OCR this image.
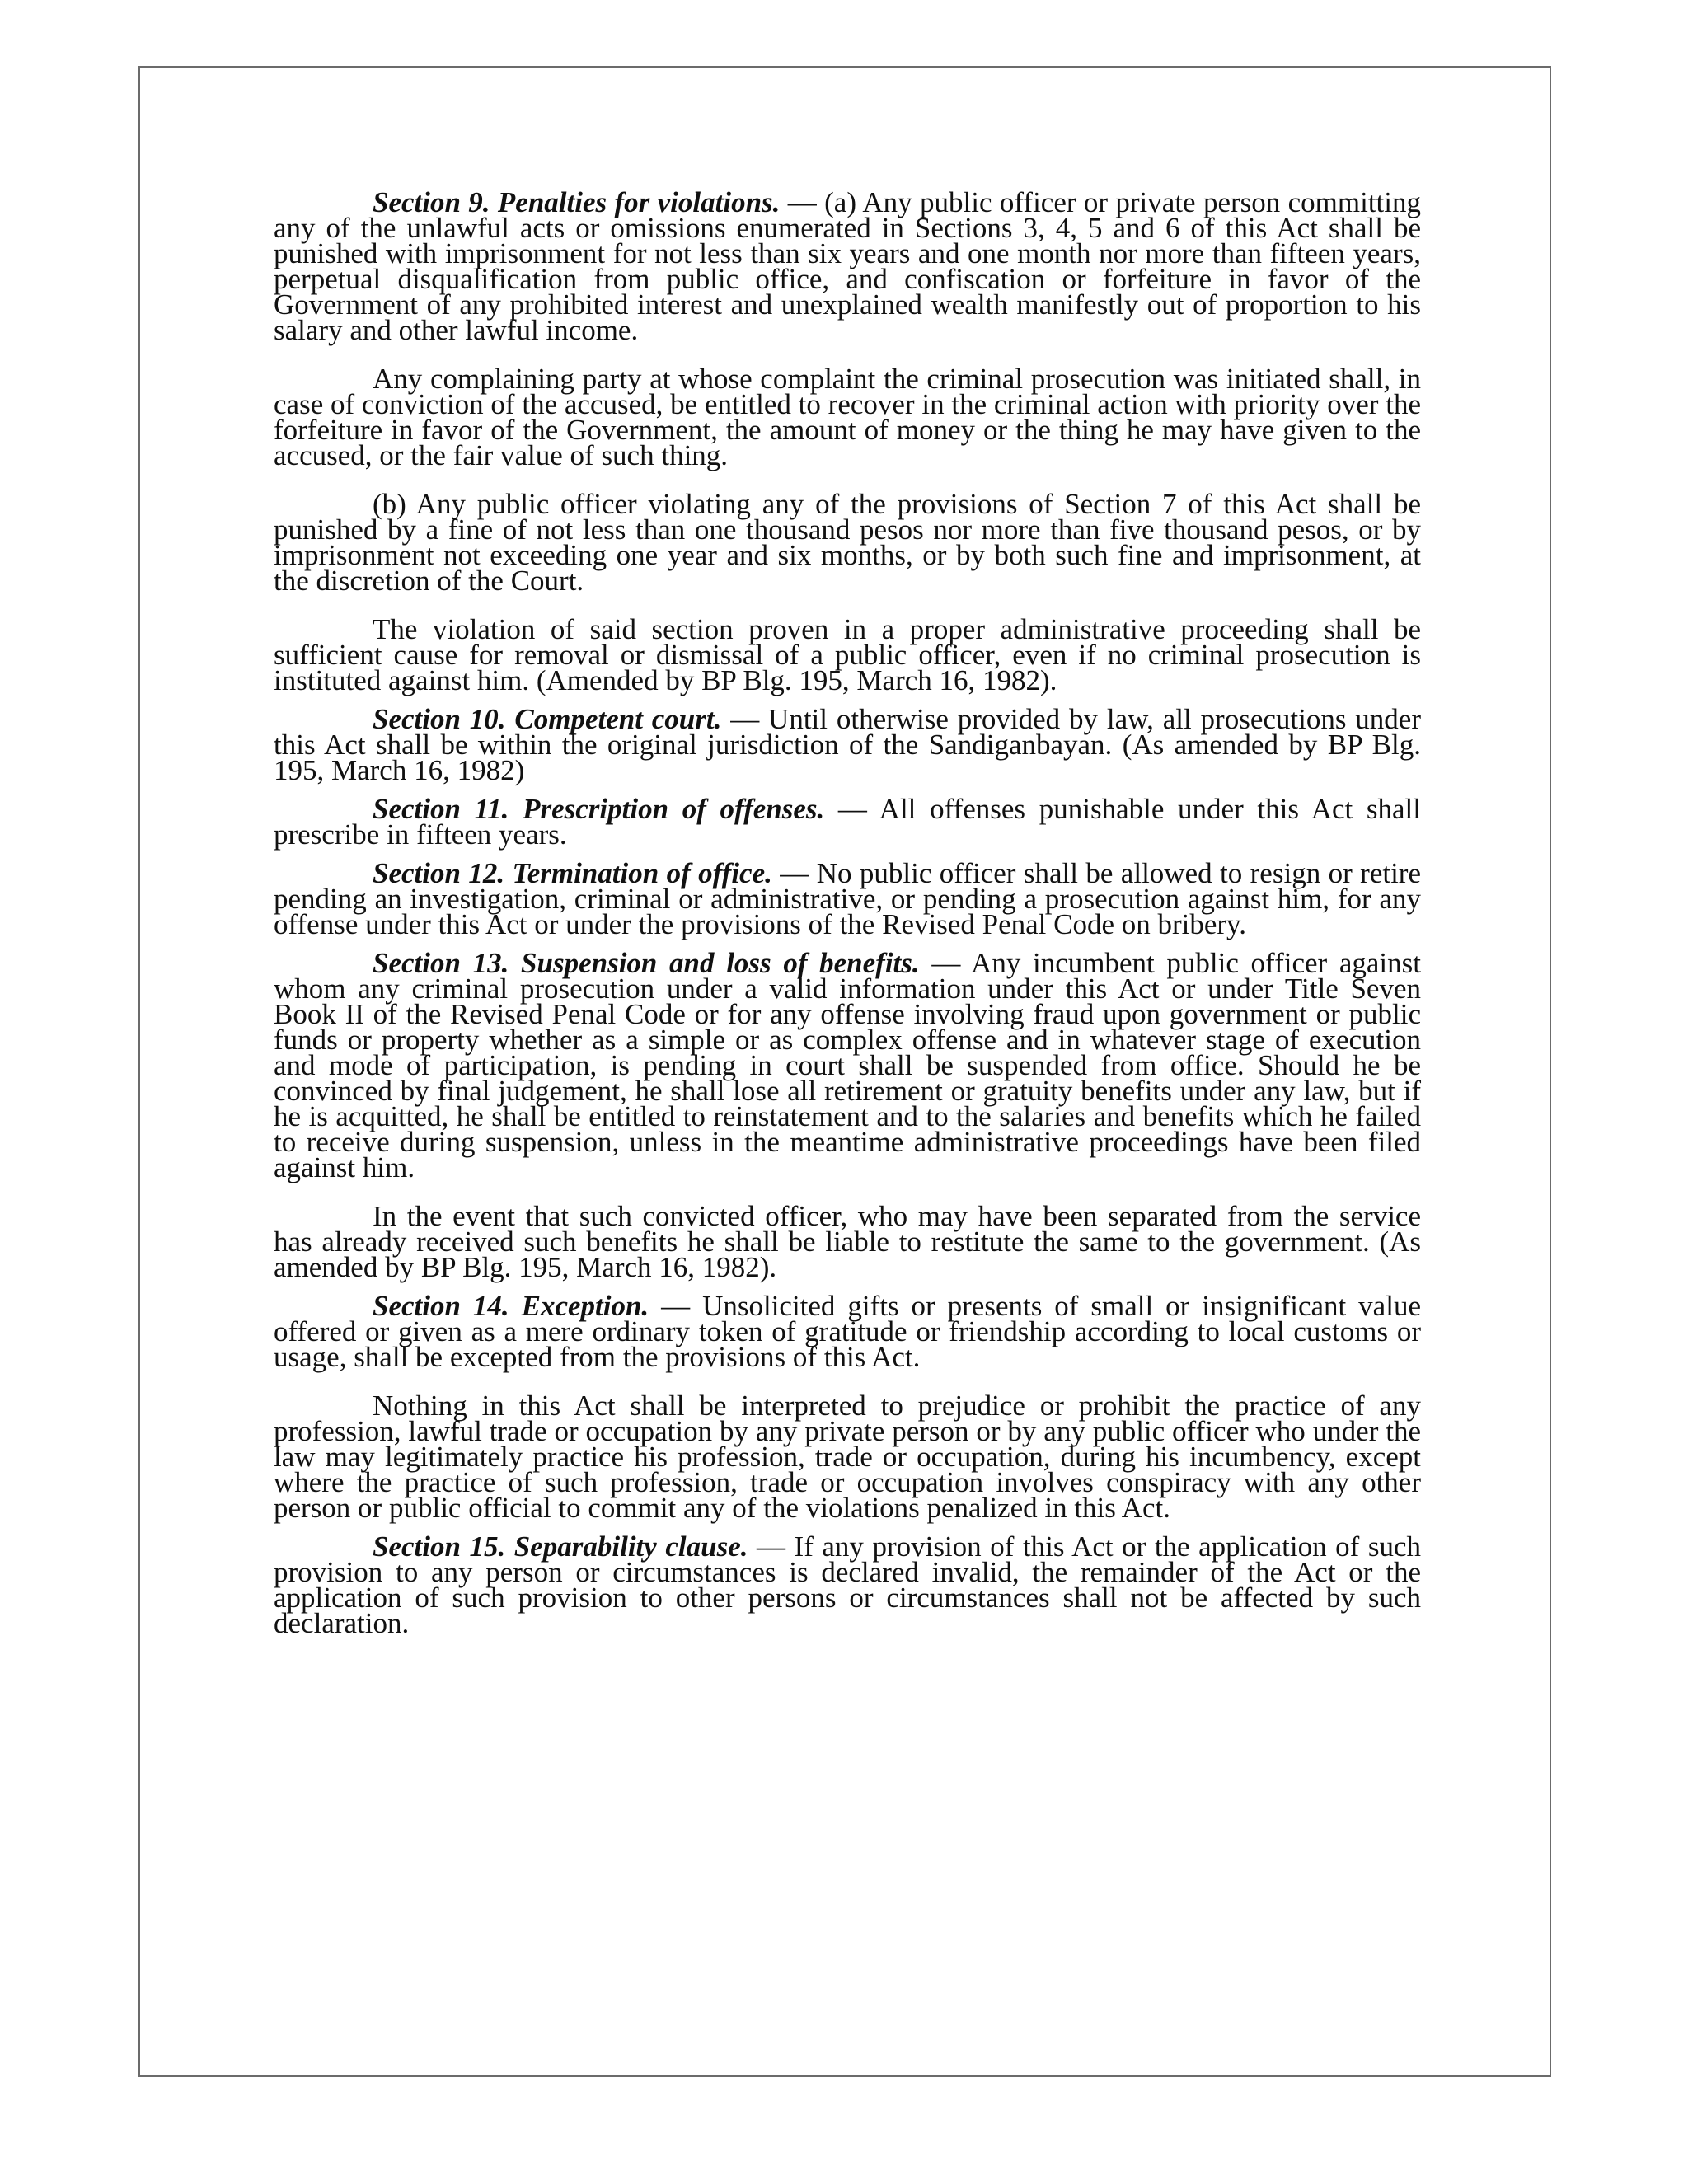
Section 9. Penalties for violations. — (a) Any public officer or private person committing any of the unlawful acts or omissions enumerated in Sections 3, 4, 5 and 6 of this Act shall be punished with imprisonment for not less than six years and one month nor more than fifteen years, perpetual disqualification from public office, and confiscation or forfeiture in favor of the Government of any prohibited interest and unexplained wealth manifestly out of proportion to his salary and other lawful income.

Any complaining party at whose complaint the criminal prosecution was initiated shall, in case of conviction of the accused, be entitled to recover in the criminal action with priority over the forfeiture in favor of the Government, the amount of money or the thing he may have given to the accused, or the fair value of such thing.

(b) Any public officer violating any of the provisions of Section 7 of this Act shall be punished by a fine of not less than one thousand pesos nor more than five thousand pesos, or by imprisonment not exceeding one year and six months, or by both such fine and imprisonment, at the discretion of the Court.

The violation of said section proven in a proper administrative proceeding shall be sufficient cause for removal or dismissal of a public officer, even if no criminal prosecution is instituted against him. (Amended by BP Blg. 195, March 16, 1982).

Section 10. Competent court. — Until otherwise provided by law, all prosecutions under this Act shall be within the original jurisdiction of the Sandiganbayan. (As amended by BP Blg. 195, March 16, 1982)

Section 11. Prescription of offenses. — All offenses punishable under this Act shall prescribe in fifteen years.

Section 12. Termination of office. — No public officer shall be allowed to resign or retire pending an investigation, criminal or administrative, or pending a prosecution against him, for any offense under this Act or under the provisions of the Revised Penal Code on bribery.

Section 13. Suspension and loss of benefits. — Any incumbent public officer against whom any criminal prosecution under a valid information under this Act or under Title Seven Book II of the Revised Penal Code or for any offense involving fraud upon government or public funds or property whether as a simple or as complex offense and in whatever stage of execution and mode of participation, is pending in court shall be suspended from office. Should he be convinced by final judgement, he shall lose all retirement or gratuity benefits under any law, but if he is acquitted, he shall be entitled to reinstatement and to the salaries and benefits which he failed to receive during suspension, unless in the meantime administrative proceedings have been filed against him.

In the event that such convicted officer, who may have been separated from the service has already received such benefits he shall be liable to restitute the same to the government. (As amended by BP Blg. 195, March 16, 1982).

Section 14. Exception. — Unsolicited gifts or presents of small or insignificant value offered or given as a mere ordinary token of gratitude or friendship according to local customs or usage, shall be excepted from the provisions of this Act.

Nothing in this Act shall be interpreted to prejudice or prohibit the practice of any profession, lawful trade or occupation by any private person or by any public officer who under the law may legitimately practice his profession, trade or occupation, during his incumbency, except where the practice of such profession, trade or occupation involves conspiracy with any other person or public official to commit any of the violations penalized in this Act.

Section 15. Separability clause. — If any provision of this Act or the application of such provision to any person or circumstances is declared invalid, the remainder of the Act or the application of such provision to other persons or circumstances shall not be affected by such declaration.
